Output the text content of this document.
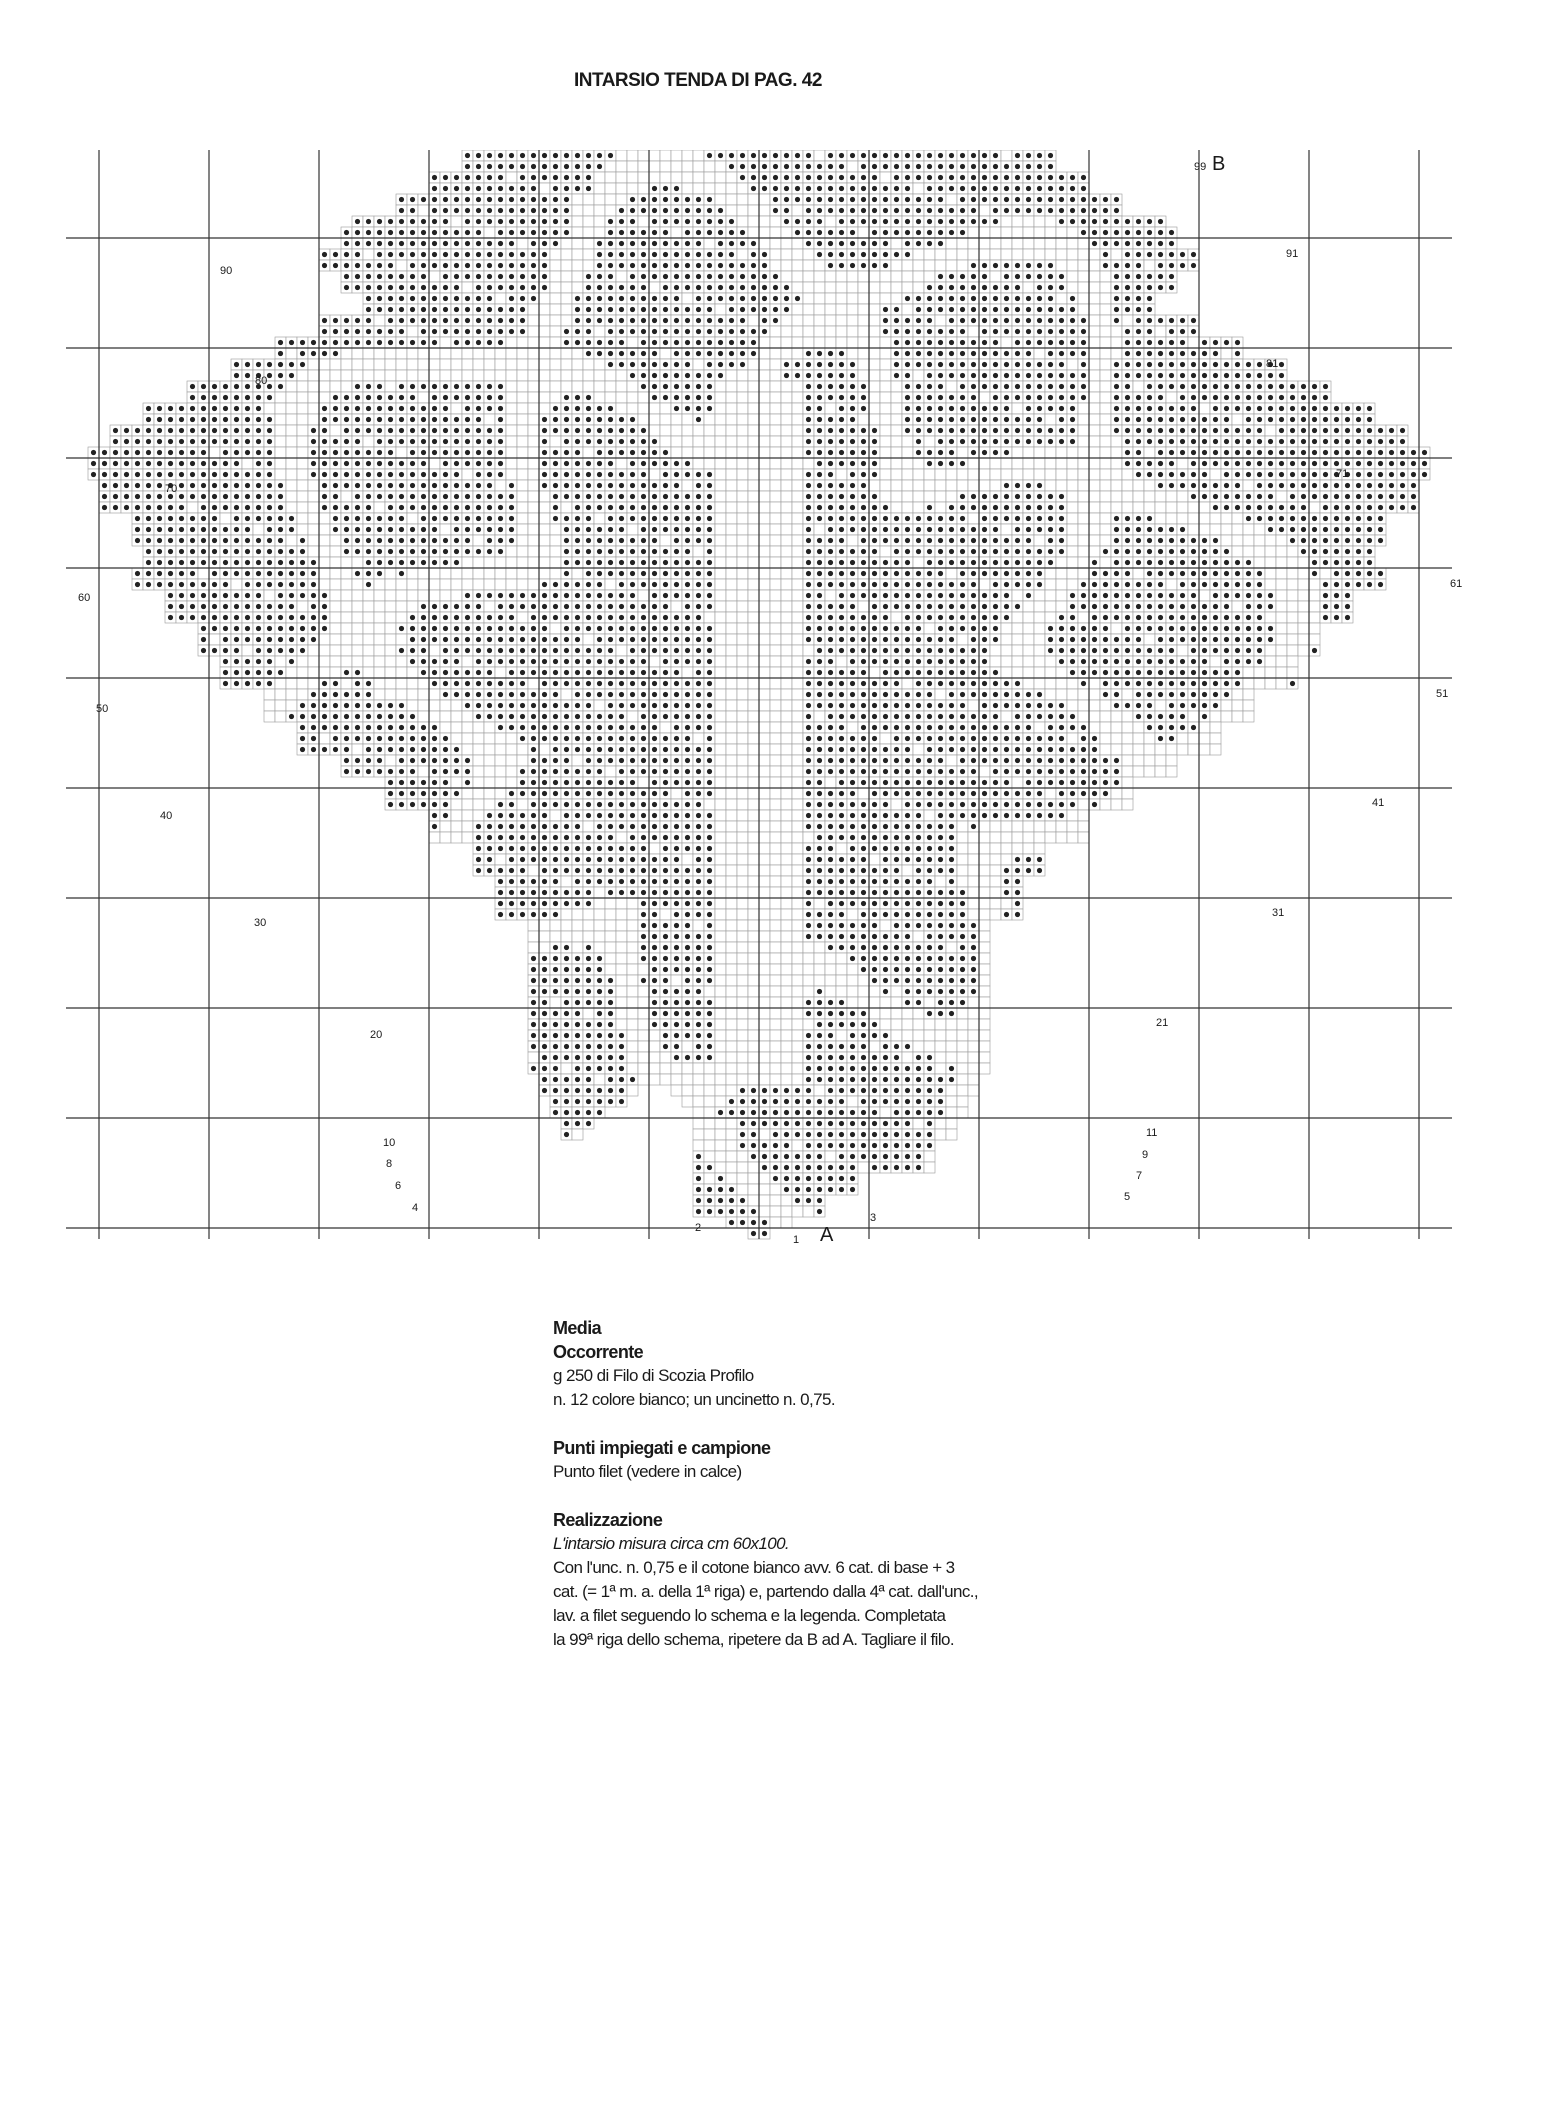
INTARSIO TENDA DI PAG. 42
90
80
70
60
50
40
30
20
10
8
6
4
2
99
91
81
71
61
51
41
31
21
11
9
7
5
3
1
B
A
Media
Occorrente
g 250 di Filo di Scozia Profilo
n. 12 colore bianco; un uncinetto n. 0,75.
Punti impiegati e campione
Punto filet (vedere in calce)
Realizzazione
L'intarsio misura circa cm 60x100.
Con l'unc. n. 0,75 e il cotone bianco avv. 6 cat. di base + 3
cat. (= 1ª m. a. della 1ª riga) e, partendo dalla 4ª cat. dall'unc.,
lav. a filet seguendo lo schema e la legenda. Completata
la 99ª riga dello schema, ripetere da B ad A. Tagliare il filo.
